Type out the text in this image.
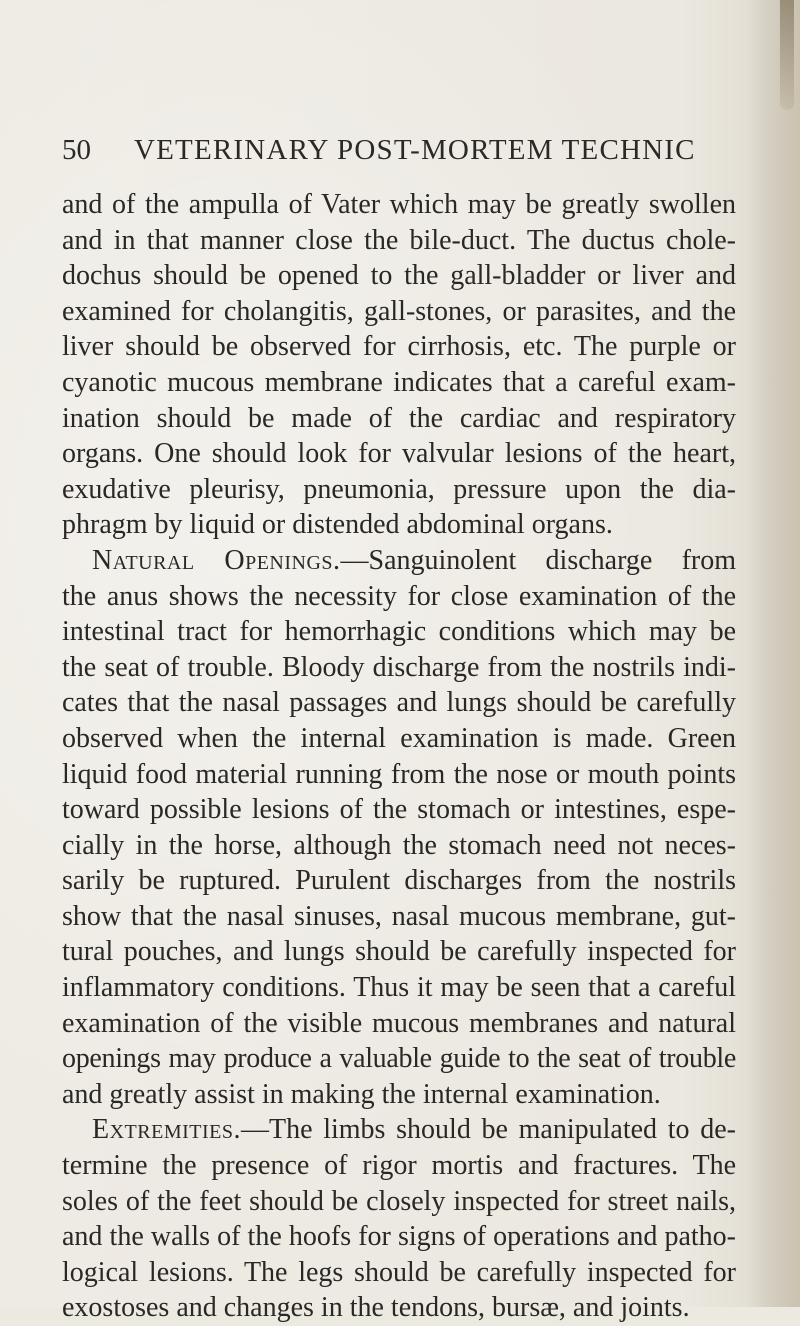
50 VETERINARY POST-MORTEM TECHNIC
and of the ampulla of Vater which may be greatly swollen
and in that manner close the bile-duct. The ductus chole-
dochus should be opened to the gall-bladder or liver and
examined for cholangitis, gall-stones, or parasites, and the
liver should be observed for cirrhosis, etc. The purple or
cyanotic mucous membrane indicates that a careful exam-
ination should be made of the cardiac and respiratory
organs. One should look for valvular lesions of the heart,
exudative pleurisy, pneumonia, pressure upon the dia-
phragm by liquid or distended abdominal organs.
Natural Openings.—Sanguinolent discharge from
the anus shows the necessity for close examination of the
intestinal tract for hemorrhagic conditions which may be
the seat of trouble. Bloody discharge from the nostrils indi-
cates that the nasal passages and lungs should be carefully
observed when the internal examination is made. Green
liquid food material running from the nose or mouth points
toward possible lesions of the stomach or intestines, espe-
cially in the horse, although the stomach need not neces-
sarily be ruptured. Purulent discharges from the nostrils
show that the nasal sinuses, nasal mucous membrane, gut-
tural pouches, and lungs should be carefully inspected for
inflammatory conditions. Thus it may be seen that a careful
examination of the visible mucous membranes and natural
openings may produce a valuable guide to the seat of trouble
and greatly assist in making the internal examination.
Extremities.—The limbs should be manipulated to de-
termine the presence of rigor mortis and fractures. The
soles of the feet should be closely inspected for street nails,
and the walls of the hoofs for signs of operations and patho-
logical lesions. The legs should be carefully inspected for
exostoses and changes in the tendons, bursæ, and joints.
